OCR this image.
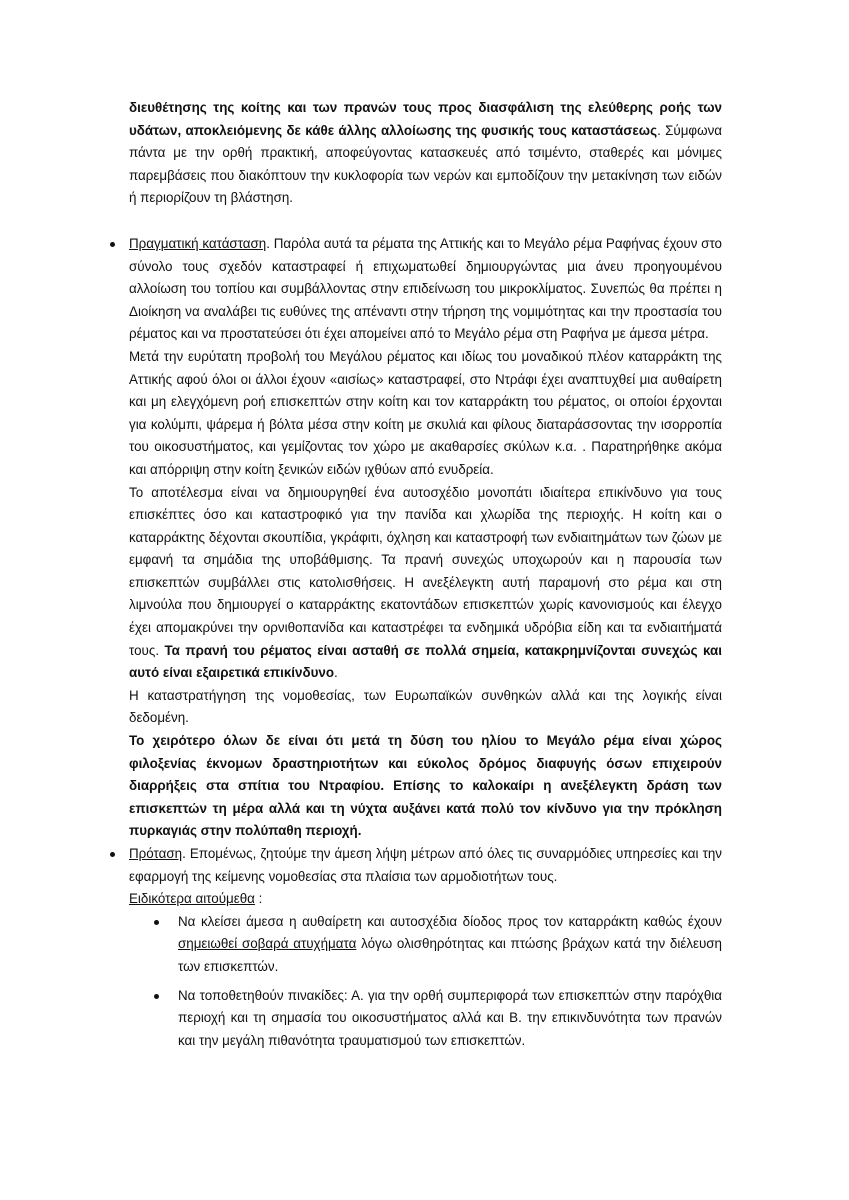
διευθέτησης της κοίτης και των πρανών τους προς διασφάλιση της ελεύθερης ροής των υδάτων, αποκλειόμενης δε κάθε άλλης αλλοίωσης της φυσικής τους καταστάσεως. Σύμφωνα πάντα με την ορθή πρακτική, αποφεύγοντας κατασκευές από τσιμέντο, σταθερές και μόνιμες παρεμβάσεις που διακόπτουν την κυκλοφορία των νερών και εμποδίζουν την μετακίνηση των ειδών ή περιορίζουν τη βλάστηση.

Πραγματική κατάσταση. Παρόλα αυτά τα ρέματα της Αττικής και το Μεγάλο ρέμα Ραφήνας έχουν στο σύνολο τους σχεδόν καταστραφεί ή επιχωματωθεί δημιουργώντας μια άνευ προηγουμένου αλλοίωση του τοπίου και συμβάλλοντας στην επιδείνωση του μικροκλίματος. Συνεπώς θα πρέπει η Διοίκηση να αναλάβει τις ευθύνες της απέναντι στην τήρηση της νομιμότητας και την προστασία του ρέματος και να προστατεύσει ότι έχει απομείνει από το Μεγάλο ρέμα στη Ραφήνα με άμεσα μέτρα.

Μετά την ευρύτατη προβολή του Μεγάλου ρέματος και ιδίως του μοναδικού πλέον καταρράκτη της Αττικής αφού όλοι οι άλλοι έχουν «αισίως» καταστραφεί, στο Ντράφι έχει αναπτυχθεί μια αυθαίρετη και μη ελεγχόμενη ροή επισκεπτών στην κοίτη και τον καταρράκτη του ρέματος, οι οποίοι έρχονται για κολύμπι, ψάρεμα ή βόλτα μέσα στην κοίτη με σκυλιά και φίλους διαταράσσοντας την ισορροπία του οικοσυστήματος, και γεμίζοντας τον χώρο με ακαθαρσίες σκύλων κ.α. . Παρατηρήθηκε ακόμα και απόρριψη στην κοίτη ξενικών ειδών ιχθύων από ενυδρεία.

Το αποτέλεσμα είναι να δημιουργηθεί ένα αυτοσχέδιο μονοπάτι ιδιαίτερα επικίνδυνο για τους επισκέπτες όσο και καταστροφικό για την πανίδα και χλωρίδα της περιοχής. Η κοίτη και ο καταρράκτης δέχονται σκουπίδια, γκράφιτι, όχληση και καταστροφή των ενδιαιτημάτων των ζώων με εμφανή τα σημάδια της υποβάθμισης. Τα πρανή συνεχώς υποχωρούν και η παρουσία των επισκεπτών συμβάλλει στις κατολισθήσεις. Η ανεξέλεγκτη αυτή παραμονή στο ρέμα και στη λιμνούλα που δημιουργεί ο καταρράκτης εκατοντάδων επισκεπτών χωρίς κανονισμούς και έλεγχο έχει απομακρύνει την ορνιθοπανίδα και καταστρέφει τα ενδημικά υδρόβια είδη και τα ενδιαιτήματά τους. Τα πρανή του ρέματος είναι ασταθή σε πολλά σημεία, κατακρημνίζονται συνεχώς και αυτό είναι εξαιρετικά επικίνδυνο.

Η καταστρατήγηση της νομοθεσίας, των Ευρωπαϊκών συνθηκών αλλά και της λογικής είναι δεδομένη.

Το χειρότερο όλων δε είναι ότι μετά τη δύση του ηλίου το Μεγάλο ρέμα είναι χώρος φιλοξενίας έκνομων δραστηριοτήτων και εύκολος δρόμος διαφυγής όσων επιχειρούν διαρρήξεις στα σπίτια του Ντραφίου. Επίσης το καλοκαίρι η ανεξέλεγκτη δράση των επισκεπτών τη μέρα αλλά και τη νύχτα αυξάνει κατά πολύ τον κίνδυνο για την πρόκληση πυρκαγιάς στην πολύπαθη περιοχή.

Πρόταση. Επομένως, ζητούμε την άμεση λήψη μέτρων από όλες τις συναρμόδιες υπηρεσίες και την εφαρμογή της κείμενης νομοθεσίας στα πλαίσια των αρμοδιοτήτων τους.

Ειδικότερα αιτούμεθα :

Να κλείσει άμεσα η αυθαίρετη και αυτοσχέδια δίοδος προς τον καταρράκτη καθώς έχουν σημειωθεί σοβαρά ατυχήματα λόγω ολισθηρότητας και πτώσης βράχων κατά την διέλευση των επισκεπτών.

Να τοποθετηθούν πινακίδες: Α. για την ορθή συμπεριφορά των επισκεπτών στην παρόχθια περιοχή και τη σημασία του οικοσυστήματος αλλά και Β. την επικινδυνότητα των πρανών και την μεγάλη πιθανότητα τραυματισμού των επισκεπτών.
